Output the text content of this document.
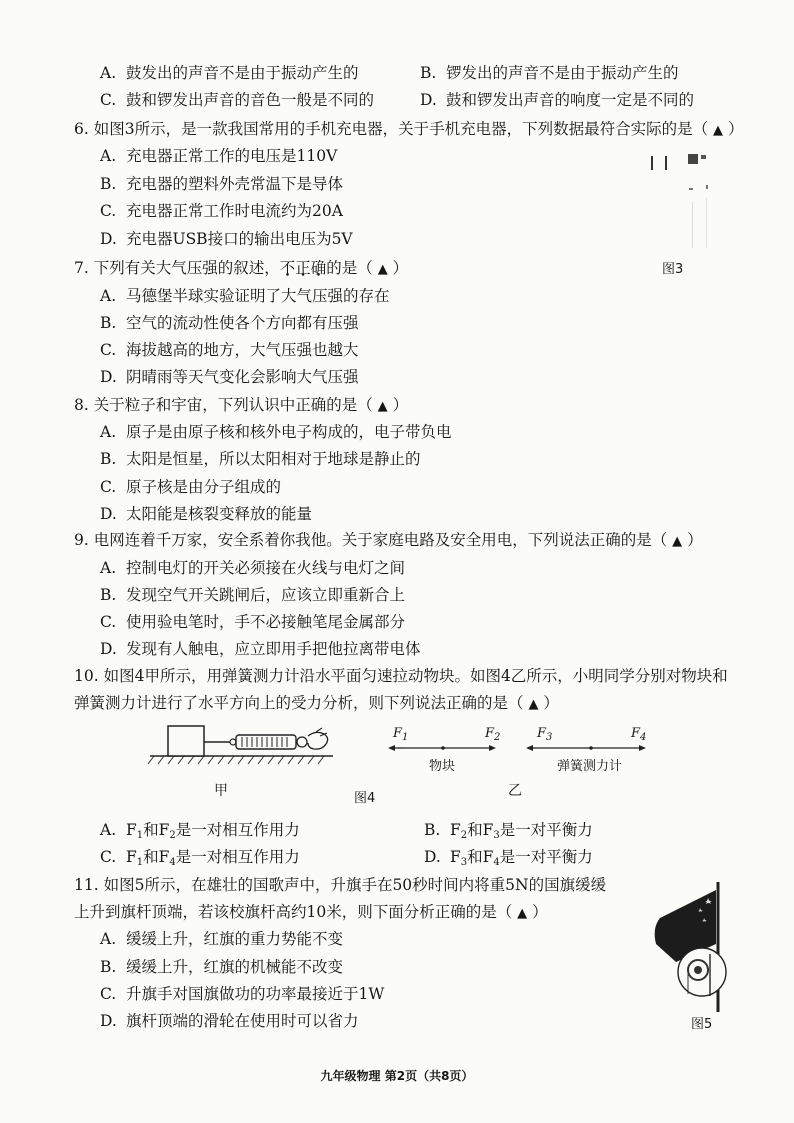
A. 鼓发出的声音不是由于振动产生的	B. 锣发出的声音不是由于振动产生的
C. 鼓和锣发出声音的音色一般是不同的	D. 鼓和锣发出声音的响度一定是不同的
6. 如图3所示，是一款我国常用的手机充电器，关于手机充电器，下列数据最符合实际的是（ ▲ ）
A. 充电器正常工作的电压是110V
B. 充电器的塑料外壳常温下是导体
C. 充电器正常工作时电流约为20A
D. 充电器USB接口的输出电压为5V
图3
7. 下列有关大气压强的叙述，不正确的是（ ▲ ）
A. 马德堡半球实验证明了大气压强的存在
B. 空气的流动性使各个方向都有压强
C. 海拔越高的地方，大气压强也越大
D. 阴晴雨等天气变化会影响大气压强
8. 关于粒子和宇宙，下列认识中正确的是（ ▲ ）
A. 原子是由原子核和核外电子构成的，电子带负电
B. 太阳是恒星，所以太阳相对于地球是静止的
C. 原子核是由分子组成的
D. 太阳能是核裂变释放的能量
9. 电网连着千万家，安全系着你我他。关于家庭电路及安全用电，下列说法正确的是（ ▲ ）
A. 控制电灯的开关必须接在火线与电灯之间
B. 发现空气开关跳闸后，应该立即重新合上
C. 使用验电笔时，手不必接触笔尾金属部分
D. 发现有人触电，应立即用手把他拉离带电体
10. 如图4甲所示，用弹簧测力计沿水平面匀速拉动物块。如图4乙所示，小明同学分别对物块和
弹簧测力计进行了水平方向上的受力分析，则下列说法正确的是（ ▲ ）
甲	图4	乙
$F_1$	$F_2$	$F_3$	$F_4$
物块	弹簧测力计
A. $F_1$和$F_2$是一对相互作用力	B. $F_2$和$F_3$是一对平衡力
C. $F_1$和$F_4$是一对相互作用力	D. $F_3$和$F_4$是一对平衡力
11. 如图5所示，在雄壮的国歌声中，升旗手在50秒时间内将重5N的国旗缓缓
上升到旗杆顶端，若该校旗杆高约10米，则下面分析正确的是（ ▲ ）
A. 缓缓上升，红旗的重力势能不变
B. 缓缓上升，红旗的机械能不改变
C. 升旗手对国旗做功的功率最接近于1W
D. 旗杆顶端的滑轮在使用时可以省力	图5
九年级物理 第2页（共8页）
